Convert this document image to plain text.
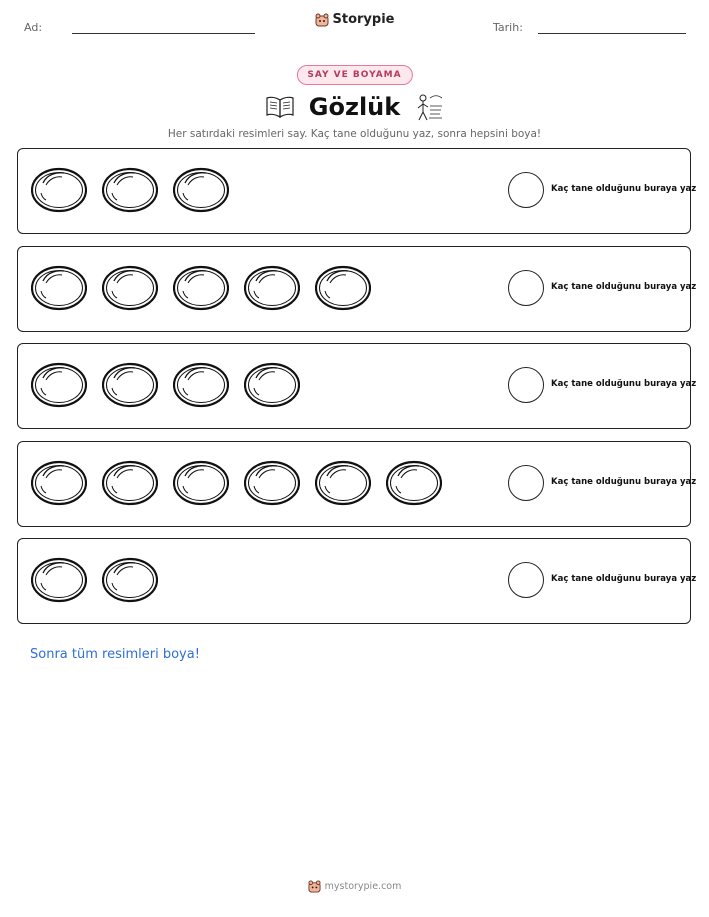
Ad:
Storypie
Tarih:
SAY VE BOYAMA
Gözlük
Her satırdaki resimleri say. Kaç tane olduğunu yaz, sonra hepsini boya!
Kaç tane olduğunu buraya yaz
Kaç tane olduğunu buraya yaz
Kaç tane olduğunu buraya yaz
Kaç tane olduğunu buraya yaz
Kaç tane olduğunu buraya yaz
Sonra tüm resimleri boya!
mystorypie.com
